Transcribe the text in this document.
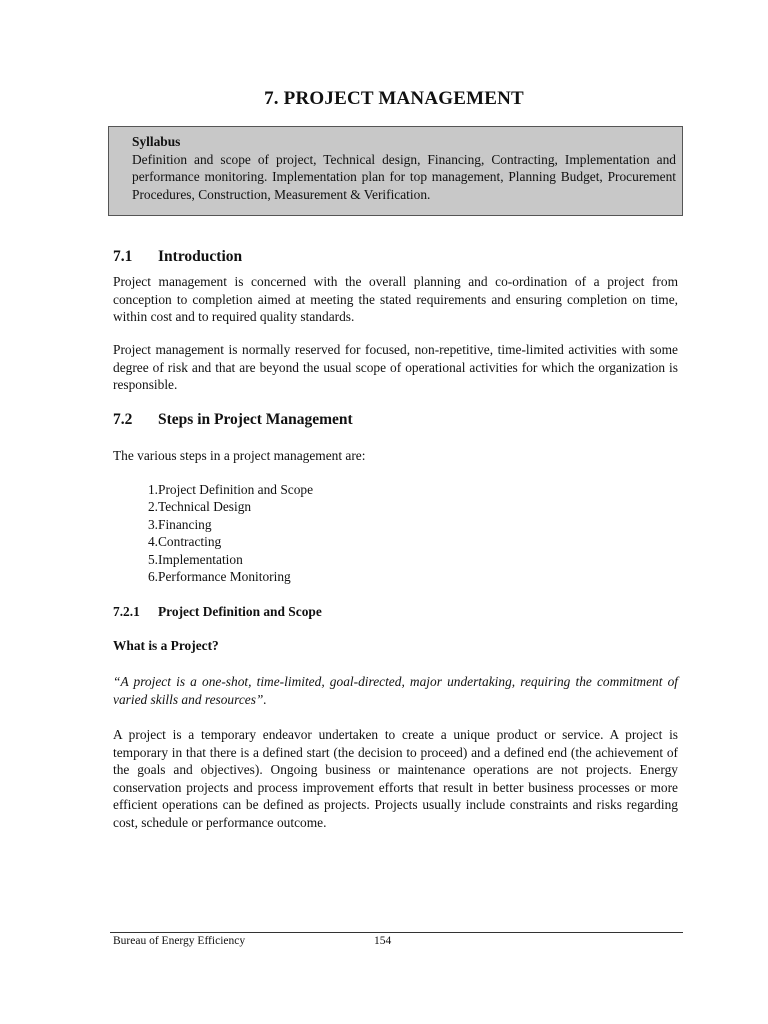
7. PROJECT MANAGEMENT
Syllabus
Definition and scope of project, Technical design, Financing, Contracting, Implementation and performance monitoring. Implementation plan for top management, Planning Budget, Procurement Procedures, Construction, Measurement & Verification.
7.1 Introduction
Project management is concerned with the overall planning and co-ordination of a project from conception to completion aimed at meeting the stated requirements and ensuring completion on time, within cost and to required quality standards.
Project management is normally reserved for focused, non-repetitive, time-limited activities with some degree of risk and that are beyond the usual scope of operational activities for which the organization is responsible.
7.2 Steps in Project Management
The various steps in a project management are:
1. Project Definition and Scope
2. Technical Design
3. Financing
4. Contracting
5. Implementation
6. Performance Monitoring
7.2.1 Project Definition and Scope
What is a Project?
“A project is a one-shot, time-limited, goal-directed, major undertaking, requiring the commitment of varied skills and resources”.
A project is a temporary endeavor undertaken to create a unique product or service. A project is temporary in that there is a defined start (the decision to proceed) and a defined end (the achievement of the goals and objectives). Ongoing business or maintenance operations are not projects. Energy conservation projects and process improvement efforts that result in better business processes or more efficient operations can be defined as projects. Projects usually include constraints and risks regarding cost, schedule or performance outcome.
Bureau of Energy Efficiency	154
